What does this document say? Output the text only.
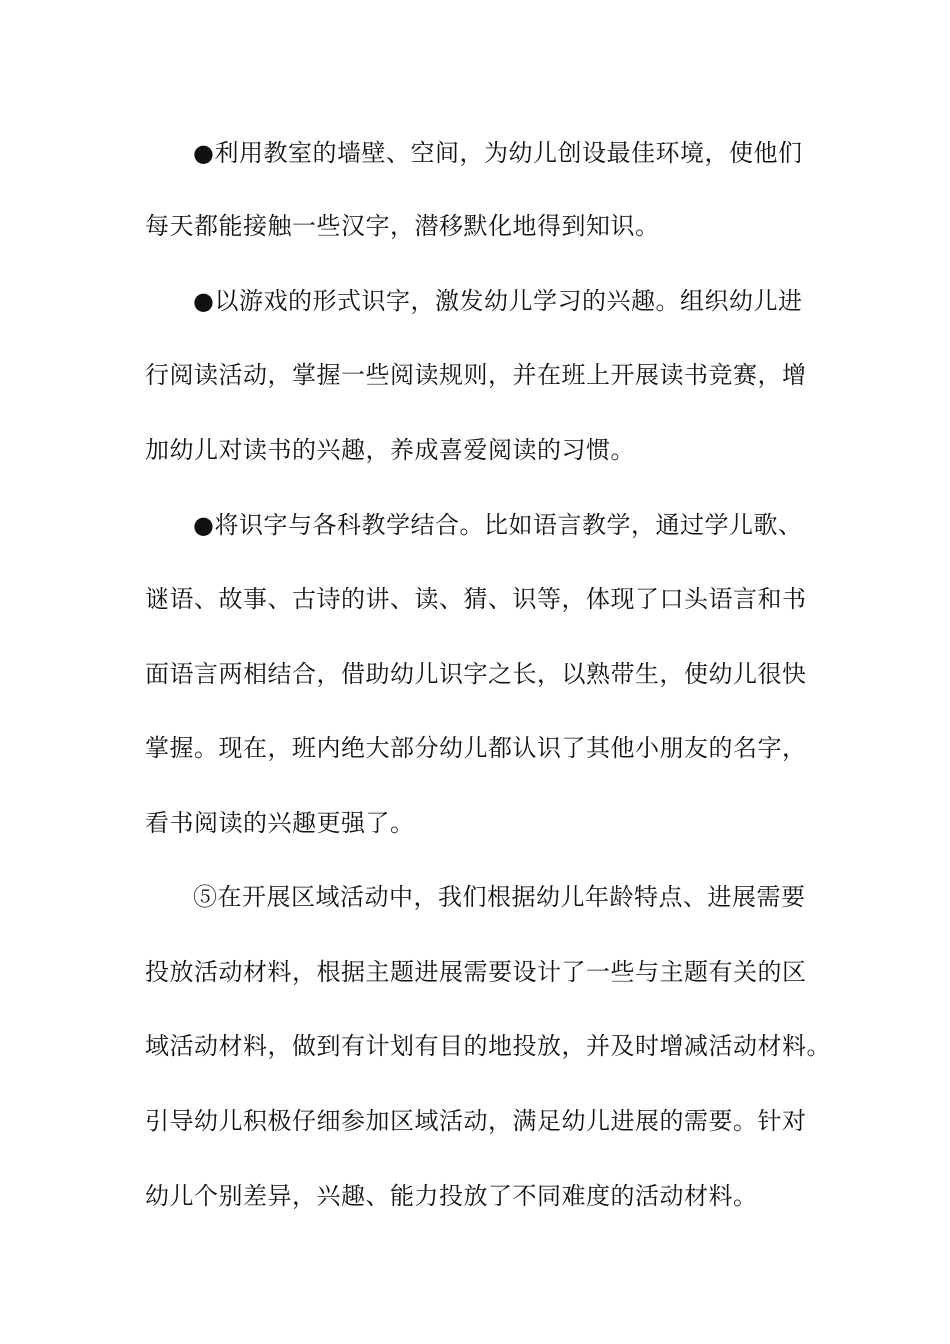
●利用教室的墙壁、空间，为幼儿创设最佳环境，使他们
每天都能接触一些汉字，潜移默化地得到知识。
●以游戏的形式识字，激发幼儿学习的兴趣。组织幼儿进
行阅读活动，掌握一些阅读规则，并在班上开展读书竞赛，增
加幼儿对读书的兴趣，养成喜爱阅读的习惯。
●将识字与各科教学结合。比如语言教学，通过学儿歌、
谜语、故事、古诗的讲、读、猜、识等，体现了口头语言和书
面语言两相结合，借助幼儿识字之长，以熟带生，使幼儿很快
掌握。现在，班内绝大部分幼儿都认识了其他小朋友的名字，
看书阅读的兴趣更强了。
⑤在开展区域活动中，我们根据幼儿年龄特点、进展需要
投放活动材料，根据主题进展需要设计了一些与主题有关的区
域活动材料，做到有计划有目的地投放，并及时增减活动材料。
引导幼儿积极仔细参加区域活动，满足幼儿进展的需要。针对
幼儿个别差异，兴趣、能力投放了不同难度的活动材料。
